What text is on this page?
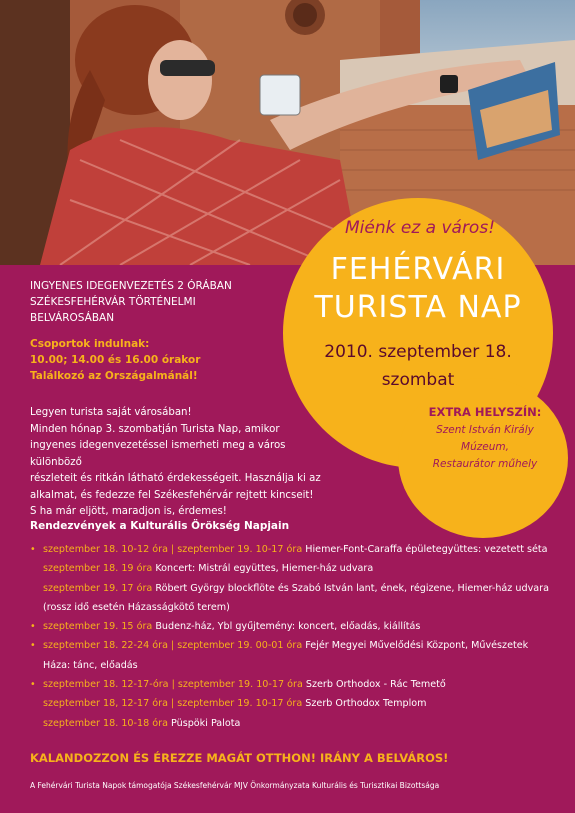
Miénk ez a város!
FEHÉRVÁRI
TURISTA NAP
2010. szeptember 18.
szombat
EXTRA HELYSZÍN:
Szent István Király
Múzeum,
Restaurátor műhely
INGYENES IDEGENVEZETÉS 2 ÓRÁBAN
SZÉKESFEHÉRVÁR TÖRTÉNELMI
BELVÁROSÁBAN
Csoportok indulnak:
10.00; 14.00 és 16.00 órakor
Találkozó az Országalmánál!
Legyen turista saját városában!
Minden hónap 3. szombatján Turista Nap, amikor
ingyenes idegenvezetéssel ismerheti meg a város különböző
részleteit és ritkán látható érdekességeit. Használja ki az
alkalmat, és fedezze fel Székesfehérvár rejtett kincseit!
S ha már eljött, maradjon is, érdemes!
Rendezvények a Kulturális Örökség Napjain
• szeptember 18. 10-12 óra | szeptember 19. 10-17 óra Hiemer-Font-Caraffa épületegyüttes: vezetett séta
szeptember 18. 19 óra Koncert: Mistrál együttes, Hiemer-ház udvara
szeptember 19. 17 óra Röbert György blockflöte és Szabó István lant, ének, régizene, Hiemer-ház udvara
(rossz idő esetén Házasságkötő terem)
• szeptember 19. 15 óra Budenz-ház, Ybl gyűjtemény: koncert, előadás, kiállítás
• szeptember 18. 22-24 óra | szeptember 19. 00-01 óra Fejér Megyei Művelődési Központ, Művészetek
Háza: tánc, előadás
• szeptember 18. 12-17-óra | szeptember 19. 10-17 óra Szerb Orthodox - Rác Temető
szeptember 18, 12-17 óra | szeptember 19. 10-17 óra Szerb Orthodox Templom
szeptember 18. 10-18 óra Püspöki Palota
KALANDOZZON ÉS ÉREZZE MAGÁT OTTHON! IRÁNY A BELVÁROS!
A Fehérvári Turista Napok támogatója Székesfehérvár MJV Önkormányzata Kulturális és Turisztikai Bizottsága
